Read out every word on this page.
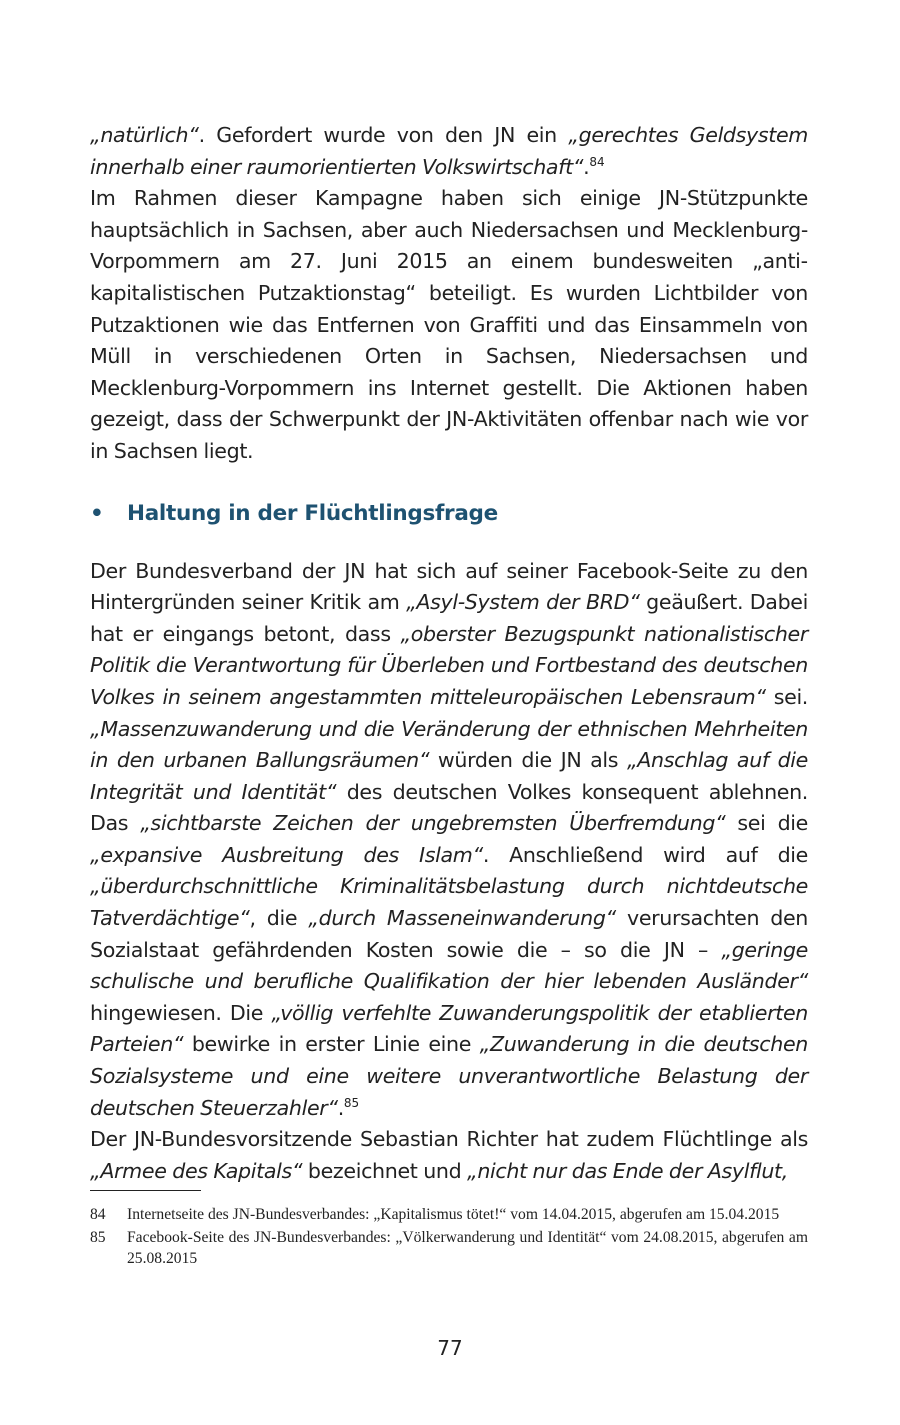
„natürlich“. Gefordert wurde von den JN ein „gerechtes Geldsystem innerhalb einer raumorientierten Volkswirtschaft“.$^{84}$

Im Rahmen dieser Kampagne haben sich einige JN-Stützpunkte hauptsächlich in Sachsen, aber auch Niedersachsen und Mecklenburg-Vorpommern am 27. Juni 2015 an einem bundesweiten „antikapitalistischen Putzaktionstag“ beteiligt. Es wurden Lichtbilder von Putzaktionen wie das Entfernen von Graffiti und das Einsammeln von Müll in verschiedenen Orten in Sachsen, Niedersachsen und Mecklenburg-Vorpommern ins Internet gestellt. Die Aktionen haben gezeigt, dass der Schwerpunkt der JN-Aktivitäten offenbar nach wie vor in Sachsen liegt.

• Haltung in der Flüchtlingsfrage

Der Bundesverband der JN hat sich auf seiner Facebook-Seite zu den Hintergründen seiner Kritik am „Asyl-System der BRD“ geäußert. Dabei hat er eingangs betont, dass „oberster Bezugspunkt nationalistischer Politik die Verantwortung für Überleben und Fortbestand des deutschen Volkes in seinem angestammten mitteleuropäischen Lebensraum“ sei. „Massenzuwanderung und die Veränderung der ethnischen Mehrheiten in den urbanen Ballungsräumen“ würden die JN als „Anschlag auf die Integrität und Identität“ des deutschen Volkes konsequent ablehnen. Das „sichtbarste Zeichen der ungebremsten Überfremdung“ sei die „expansive Ausbreitung des Islam“. Anschließend wird auf die „überdurchschnittliche Kriminalitätsbelastung durch nichtdeutsche Tatverdächtige“, die „durch Masseneinwanderung“ verursachten den Sozialstaat gefährdenden Kosten sowie die – so die JN – „geringe schulische und berufliche Qualifikation der hier lebenden Ausländer“ hingewiesen. Die „völlig verfehlte Zuwanderungspolitik der etablierten Parteien“ bewirke in erster Linie eine „Zuwanderung in die deutschen Sozialsysteme und eine weitere unverantwortliche Belastung der deutschen Steuerzahler“.$^{85}$

Der JN-Bundesvorsitzende Sebastian Richter hat zudem Flüchtlinge als „Armee des Kapitals“ bezeichnet und „nicht nur das Ende der Asylflut,

84	Internetseite des JN-Bundesverbandes: „Kapitalismus tötet!“ vom 14.04.2015, abgerufen am 15.04.2015
85	Facebook-Seite des JN-Bundesverbandes: „Völkerwanderung und Identität“ vom 24.08.2015, abgerufen am 25.08.2015
77
